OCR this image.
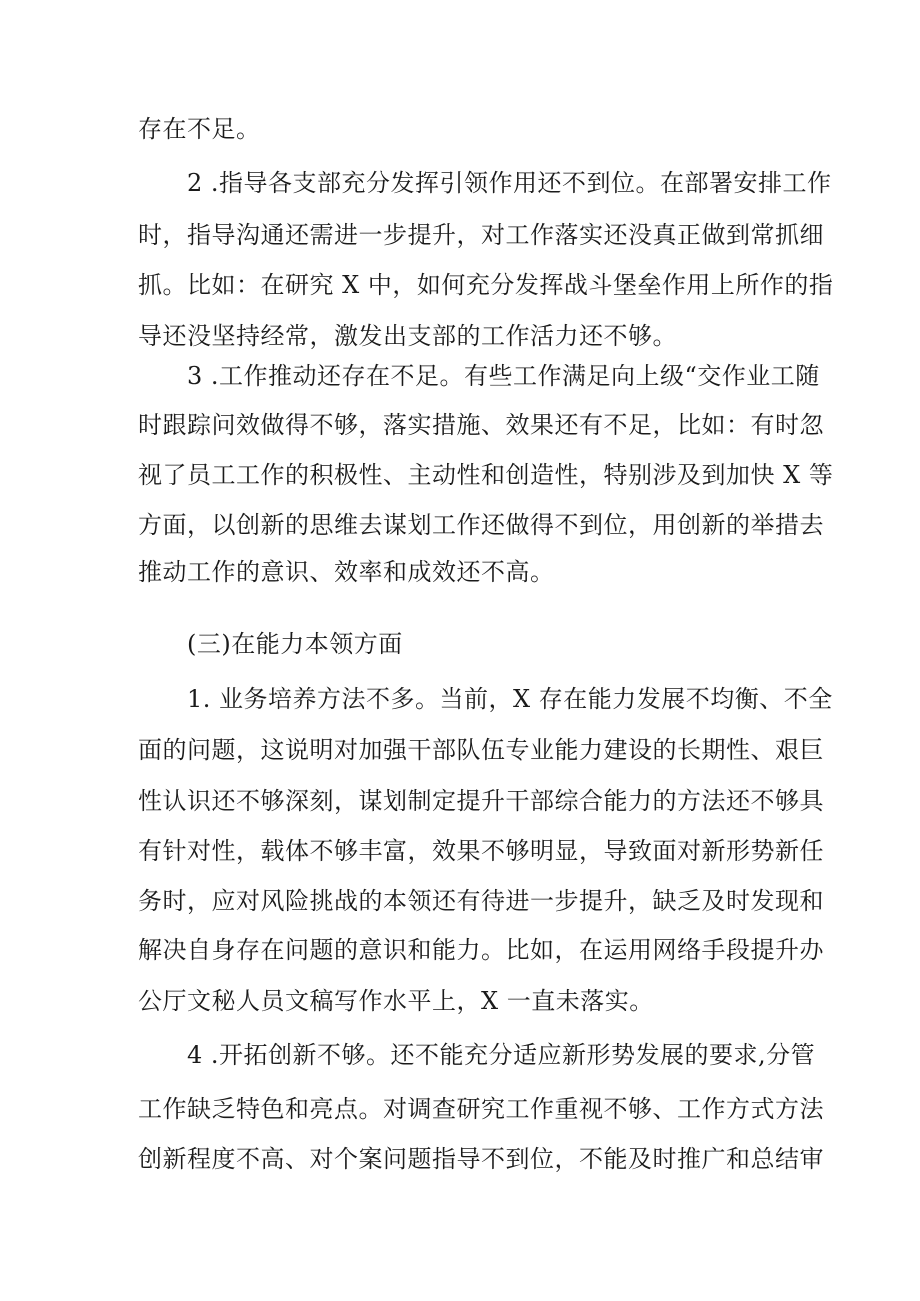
存在不足。

2 .指导各支部充分发挥引领作用还不到位。在部署安排工作

时，指导沟通还需进一步提升，对工作落实还没真正做到常抓细

抓。比如：在研究 X 中，如何充分发挥战斗堡垒作用上所作的指

导还没坚持经常，激发出支部的工作活力还不够。

3 .工作推动还存在不足。有些工作满足向上级“交作业工随

时跟踪问效做得不够，落实措施、效果还有不足，比如：有时忽

视了员工工作的积极性、主动性和创造性，特别涉及到加快 X 等

方面，以创新的思维去谋划工作还做得不到位，用创新的举措去

推动工作的意识、效率和成效还不高。

(三)在能力本领方面

1. 业务培养方法不多。当前，X 存在能力发展不均衡、不全

面的问题，这说明对加强干部队伍专业能力建设的长期性、艰巨

性认识还不够深刻，谋划制定提升干部综合能力的方法还不够具

有针对性，载体不够丰富，效果不够明显，导致面对新形势新任

务时，应对风险挑战的本领还有待进一步提升，缺乏及时发现和

解决自身存在问题的意识和能力。比如，在运用网络手段提升办

公厅文秘人员文稿写作水平上，X 一直未落实。

4 .开拓创新不够。还不能充分适应新形势发展的要求,分管

工作缺乏特色和亮点。对调查研究工作重视不够、工作方式方法

创新程度不高、对个案问题指导不到位，不能及时推广和总结审
